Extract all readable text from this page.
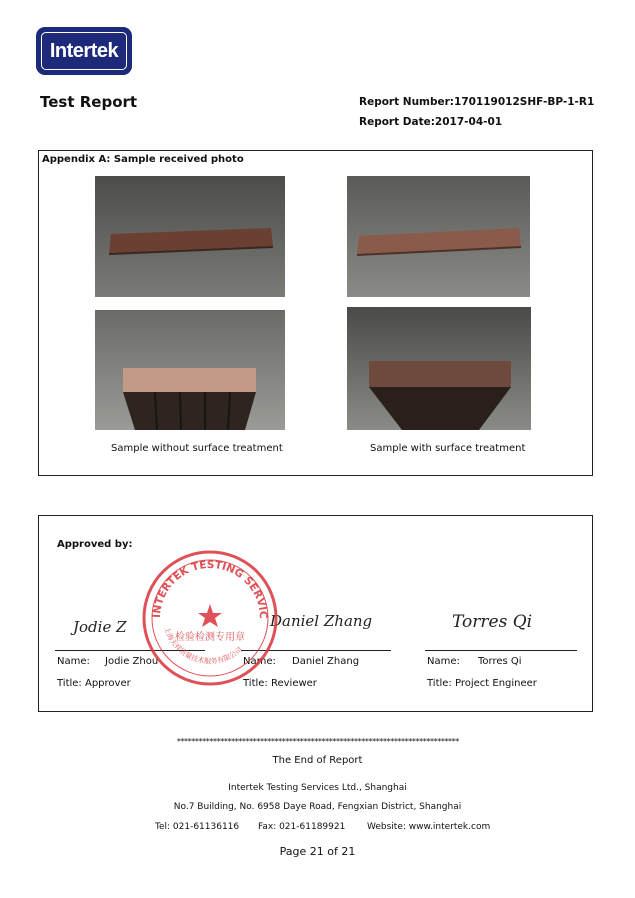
Intertek
Test Report	Report Number:170119012SHF-BP-1-R1
Report Date:2017-04-01
Appendix A: Sample received photo
Sample without surface treatment	Sample with surface treatment
Approved by:
Jodie Z	Daniel Zhang	Torres Qi
Name: Jodie Zhou	Name: Daniel Zhang	Name: Torres Qi
Title: Approver	Title: Reviewer	Title: Project Engineer
INTERTEK TESTING SERVIC
上海天祥质量技术服务有限公司
检验检测专用章
******************************************************************************
The End of Report
Intertek Testing Services Ltd., Shanghai
No.7 Building, No. 6958 Daye Road, Fengxian District, Shanghai
Tel: 021-61136116 Fax: 021-61189921 Website: www.intertek.com
Page 21 of 21
